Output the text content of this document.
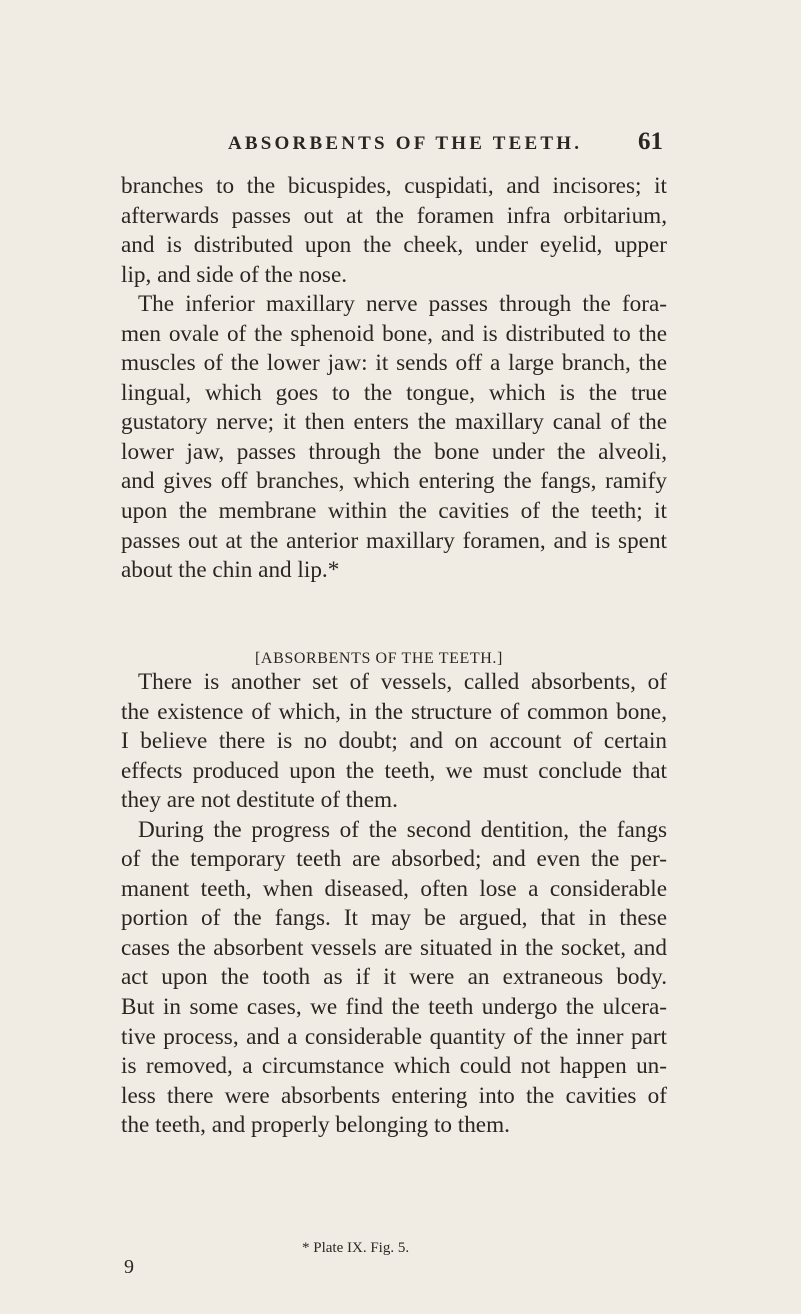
ABSORBENTS OF THE TEETH. 61
branches to the bicuspides, cuspidati, and incisores; it
afterwards passes out at the foramen infra orbitarium,
and is distributed upon the cheek, under eyelid, upper
lip, and side of the nose.
The inferior maxillary nerve passes through the fora-
men ovale of the sphenoid bone, and is distributed to the
muscles of the lower jaw: it sends off a large branch, the
lingual, which goes to the tongue, which is the true
gustatory nerve; it then enters the maxillary canal of the
lower jaw, passes through the bone under the alveoli,
and gives off branches, which entering the fangs, ramify
upon the membrane within the cavities of the teeth; it
passes out at the anterior maxillary foramen, and is spent
about the chin and lip.*
[ABSORBENTS OF THE TEETH.]
There is another set of vessels, called absorbents, of
the existence of which, in the structure of common bone,
I believe there is no doubt; and on account of certain
effects produced upon the teeth, we must conclude that
they are not destitute of them.
During the progress of the second dentition, the fangs
of the temporary teeth are absorbed; and even the per-
manent teeth, when diseased, often lose a considerable
portion of the fangs. It may be argued, that in these
cases the absorbent vessels are situated in the socket, and
act upon the tooth as if it were an extraneous body.
But in some cases, we find the teeth undergo the ulcera-
tive process, and a considerable quantity of the inner part
is removed, a circumstance which could not happen un-
less there were absorbents entering into the cavities of
the teeth, and properly belonging to them.
* Plate IX. Fig. 5.
9
